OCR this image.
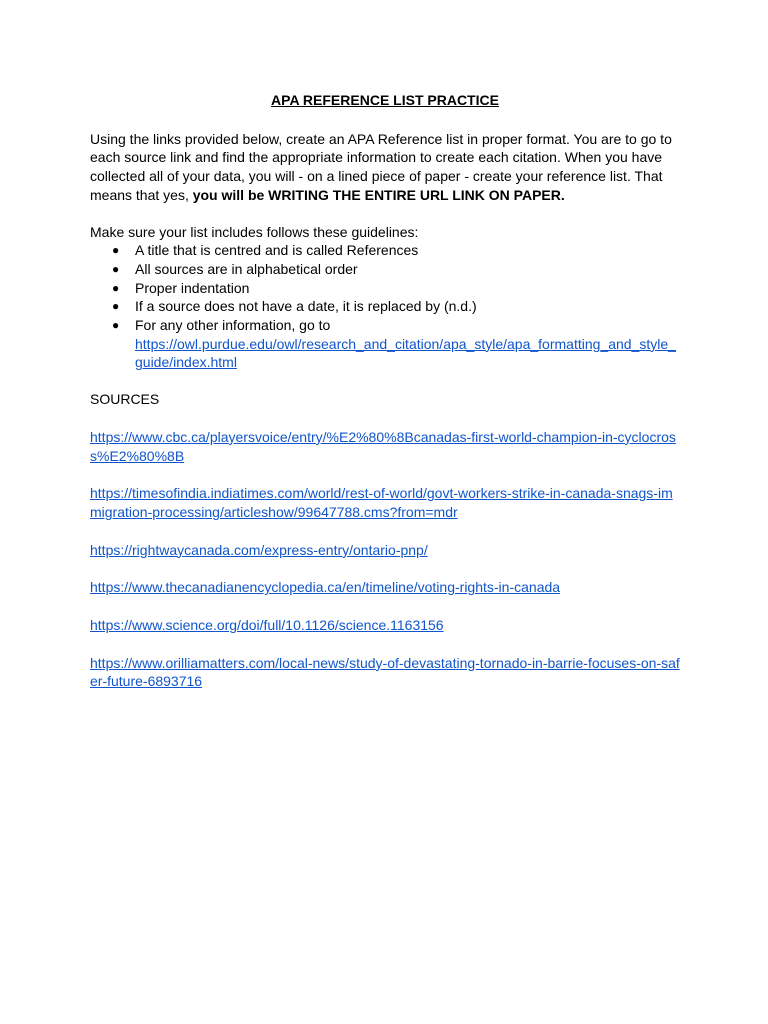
APA REFERENCE LIST PRACTICE

Using the links provided below, create an APA Reference list in proper format. You are to go to each source link and find the appropriate information to create each citation. When you have collected all of your data, you will - on a lined piece of paper - create your reference list. That means that yes, you will be WRITING THE ENTIRE URL LINK ON PAPER.

Make sure your list includes follows these guidelines:

● A title that is centred and is called References
● All sources are in alphabetical order
● Proper indentation
● If a source does not have a date, it is replaced by (n.d.)
● For any other information, go to
https://owl.purdue.edu/owl/research_and_citation/apa_style/apa_formatting_and_style_guide/index.html

SOURCES

https://www.cbc.ca/playersvoice/entry/%E2%80%8Bcanadas-first-world-champion-in-cyclocross%E2%80%8B
https://timesofindia.indiatimes.com/world/rest-of-world/govt-workers-strike-in-canada-snags-immigration-processing/articleshow/99647788.cms?from=mdr
https://rightwaycanada.com/express-entry/ontario-pnp/
https://www.thecanadianencyclopedia.ca/en/timeline/voting-rights-in-canada
https://www.science.org/doi/full/10.1126/science.1163156
https://www.orilliamatters.com/local-news/study-of-devastating-tornado-in-barrie-focuses-on-safer-future-6893716
